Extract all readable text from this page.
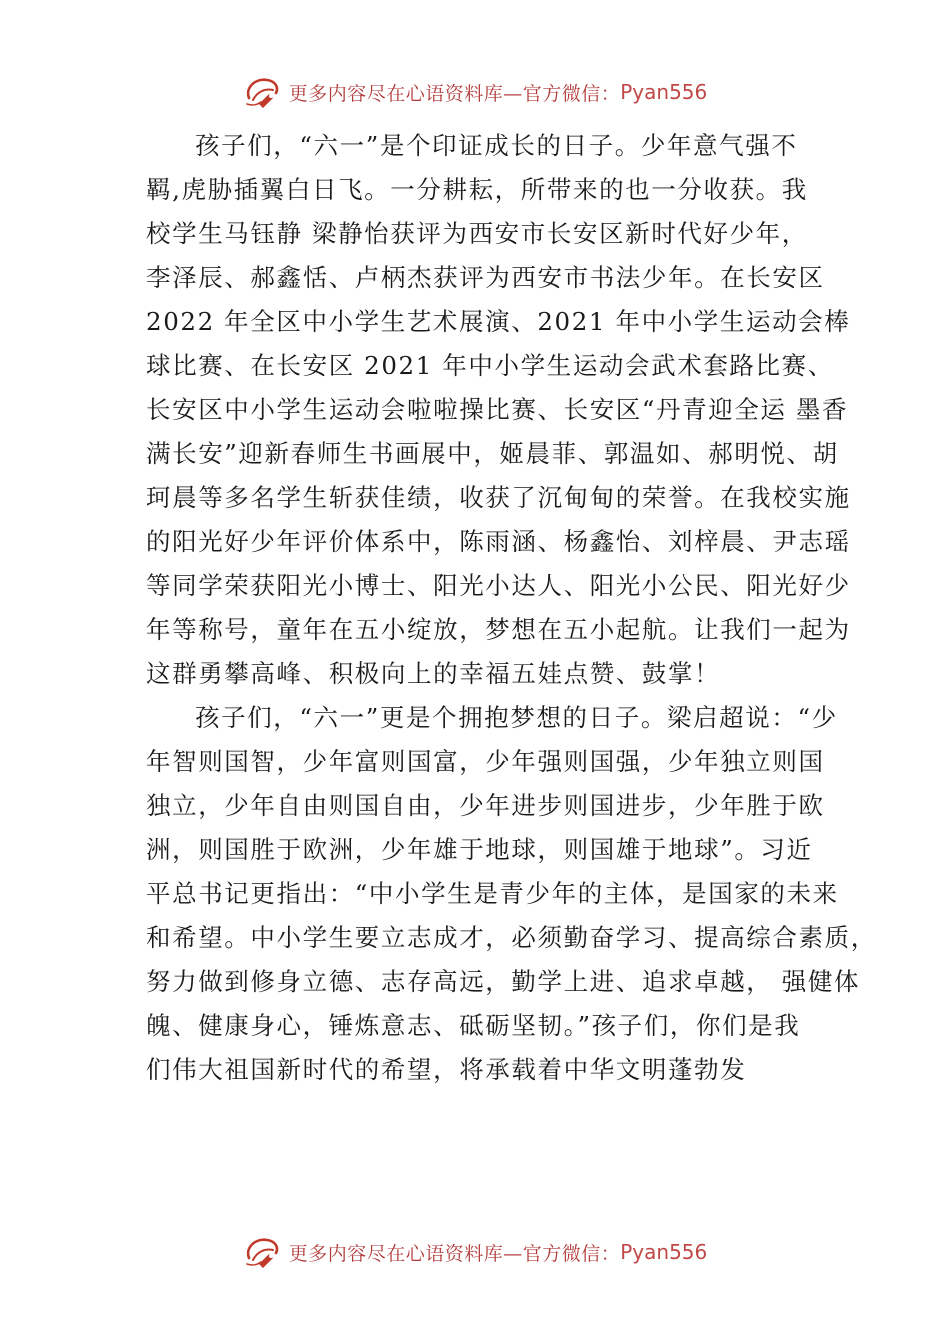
更多内容尽在心语资料库—官方微信： Pyan556
孩子们，“六一”是个印证成长的日子。少年意气强不
羁,虎胁插翼白日飞。一分耕耘，所带来的也一分收获。我
校学生马钰静 梁静怡获评为西安市长安区新时代好少年，
李泽辰、郝鑫恬、卢柄杰获评为西安市书法少年。在长安区
2022 年全区中小学生艺术展演、2021 年中小学生运动会棒
球比赛、在长安区 2021 年中小学生运动会武术套路比赛、
长安区中小学生运动会啦啦操比赛、长安区“丹青迎全运 墨香
满长安”迎新春师生书画展中，姬晨菲、郭温如、郝明悦、胡
珂晨等多名学生斩获佳绩，收获了沉甸甸的荣誉。在我校实施
的阳光好少年评价体系中，陈雨涵、杨鑫怡、刘梓晨、尹志瑶
等同学荣获阳光小博士、阳光小达人、阳光小公民、阳光好少
年等称号，童年在五小绽放，梦想在五小起航。让我们一起为
这群勇攀高峰、积极向上的幸福五娃点赞、鼓掌！
孩子们，“六一”更是个拥抱梦想的日子。梁启超说：“少
年智则国智，少年富则国富，少年强则国强，少年独立则国
独立，少年自由则国自由，少年进步则国进步，少年胜于欧
洲，则国胜于欧洲，少年雄于地球，则国雄于地球”。习近
平总书记更指出：“中小学生是青少年的主体，是国家的未来
和希望。中小学生要立志成才，必须勤奋学习、提高综合素质，
努力做到修身立德、志存高远，勤学上进、追求卓越， 强健体
魄、健康身心，锤炼意志、砥砺坚韧。”孩子们，你们是我
们伟大祖国新时代的希望，将承载着中华文明蓬勃发
更多内容尽在心语资料库—官方微信： Pyan556
